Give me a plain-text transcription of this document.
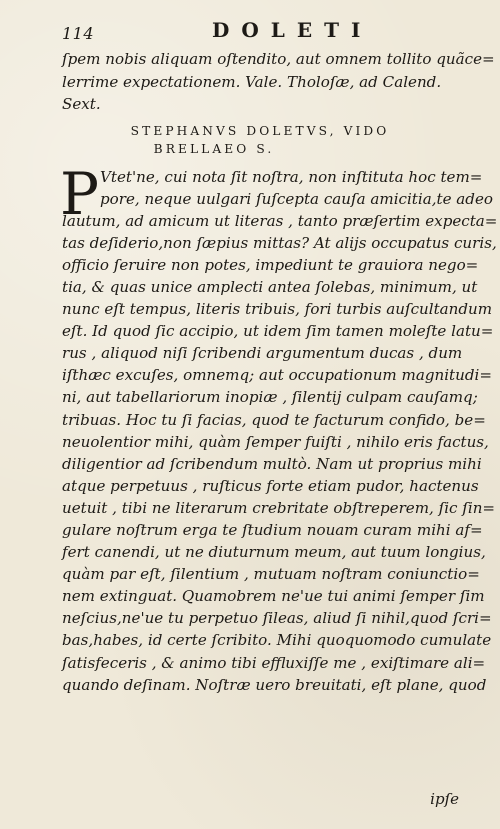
114	DOLETI
ſpem nobis aliquam oſtendito, aut omnem tollito quãce=
lerrime expectationem. Vale. Tholoſæ, ad Calend.
Sext.
STEPHANVS DOLETVS, VIDO
BRELLAEO S.
P Vtet'ne, cui nota ſit noſtra, non inſtituta hoc tem=
pore, neque uulgari ſuſcepta cauſa amicitia,te adeo
lautum, ad amicum ut literas , tanto præſertim expecta=
tas deſiderio,non ſæpius mittas? At alijs occupatus curis,
officio ſeruire non potes, impediunt te grauiora nego=
tia, & quas unice amplecti antea ſolebas, minimum, ut
nunc eſt tempus, literis tribuis, fori turbis auſcultandum
eſt. Id quod ſic accipio, ut idem ſim tamen moleſte latu=
rus , aliquod niſi ſcribendi argumentum ducas , dum
iſthæc excuſes, omnemq; aut occupationum magnitudi=
ni, aut tabellariorum inopiæ , ſilentij culpam cauſamq;
tribuas. Hoc tu ſi facias, quod te facturum confido, be=
neuolentior mihi, quàm ſemper fuiſti , nihilo eris factus,
diligentior ad ſcribendum multò. Nam ut proprius mihi
atque perpetuus , ruſticus forte etiam pudor, hactenus
uetuit , tibi ne literarum crebritate obſtreperem, ſic ſin=
gulare noſtrum erga te ſtudium nouam curam mihi af=
fert canendi, ut ne diuturnum meum, aut tuum longius,
quàm par eſt, ſilentium , mutuam noſtram coniunctio=
nem extinguat. Quamobrem ne'ue tui animi ſemper ſim
neſcius,ne'ue tu perpetuo ſileas, aliud ſi nihil,quod ſcri=
bas,habes, id certe ſcribito. Mihi quoquomodo cumulate
ſatisfeceris , & animo tibi effluxiſſe me , exiſtimare ali=
quando deſinam. Noſtræ uero breuitati, eſt plane, quod
ipſe
